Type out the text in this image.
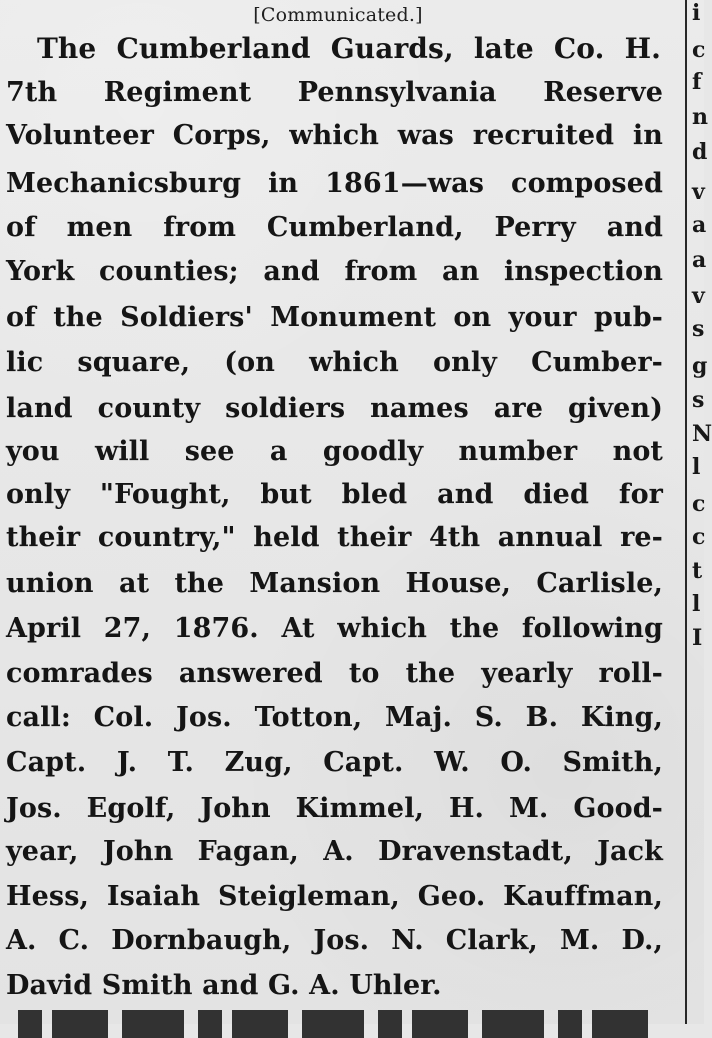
[Communicated.]
The Cumberland Guards, late Co. H.
7th Regiment Pennsylvania Reserve
Volunteer Corps, which was recruited in
Mechanicsburg in 1861—was composed
of men from Cumberland, Perry and
York counties; and from an inspection
of the Soldiers' Monument on your pub-
lic square, (on which only Cumber-
land county soldiers names are given)
you will see a goodly number not
only "Fought, but bled and died for
their country," held their 4th annual re-
union at the Mansion House, Carlisle,
April 27, 1876. At which the following
comrades answered to the yearly roll-
call: Col. Jos. Totton, Maj. S. B. King,
Capt. J. T. Zug, Capt. W. O. Smith,
Jos. Egolf, John Kimmel, H. M. Good-
year, John Fagan, A. Dravenstadt, Jack
Hess, Isaiah Steigleman, Geo. Kauffman,
A. C. Dornbaugh, Jos. N. Clark, M. D.,
David Smith and G. A. Uhler.
i
c
f
n
d
v
a
a
v
s
g
s
N
l
c
c
t
l
I
